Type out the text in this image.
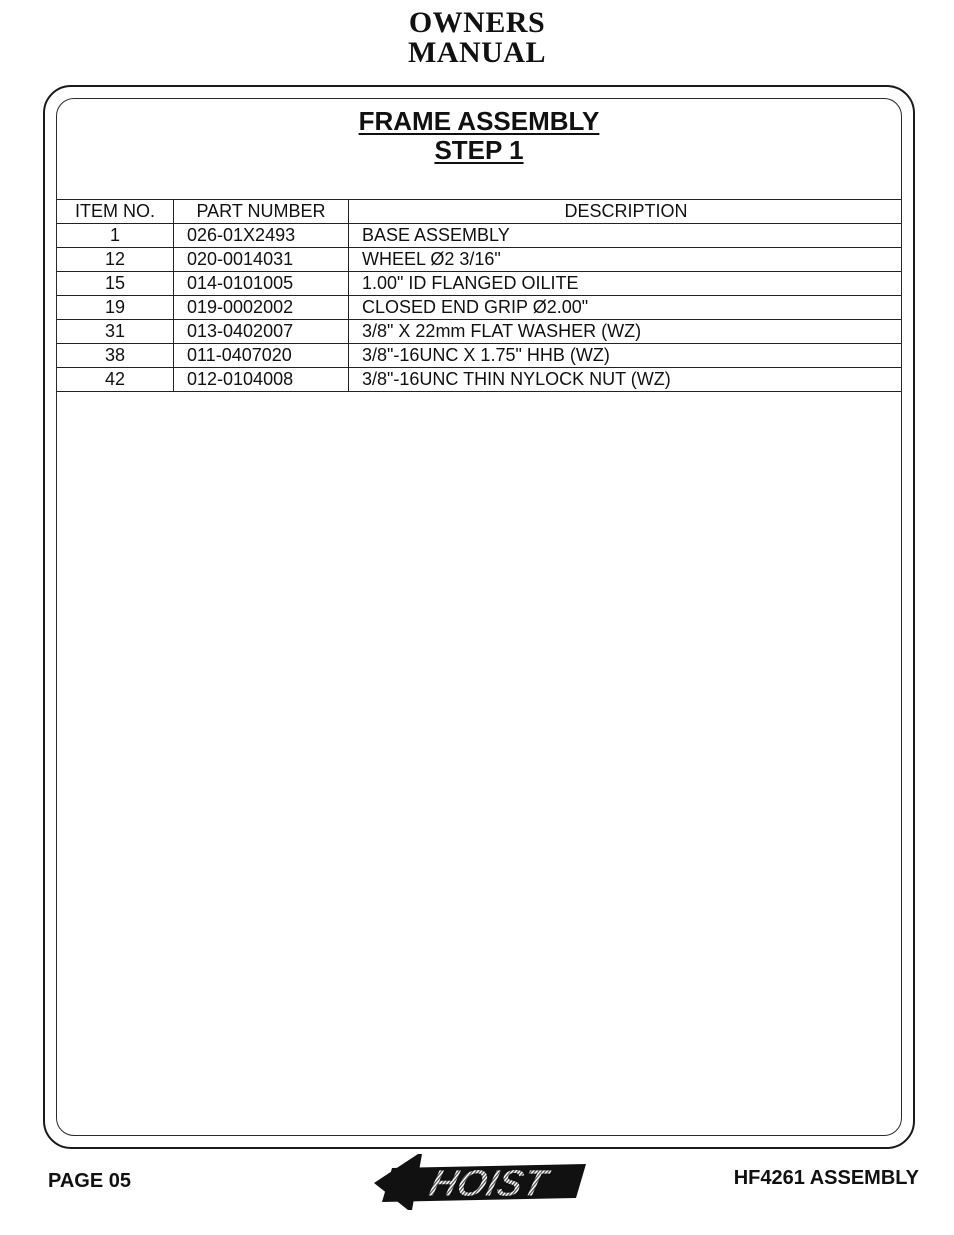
OWNERS
MANUAL
FRAME ASSEMBLY
STEP 1
ITEM NO.	PART NUMBER	DESCRIPTION
1	026-01X2493	BASE ASSEMBLY
12	020-0014031	WHEEL Ø2 3/16"
15	014-0101005	1.00" ID FLANGED OILITE
19	019-0002002	CLOSED END GRIP Ø2.00"
31	013-0402007	3/8" X 22mm FLAT WASHER (WZ)
38	011-0407020	3/8"-16UNC X 1.75" HHB (WZ)
42	012-0104008	3/8"-16UNC THIN NYLOCK NUT (WZ)
PAGE 05	HOIST	HF4261 ASSEMBLY
